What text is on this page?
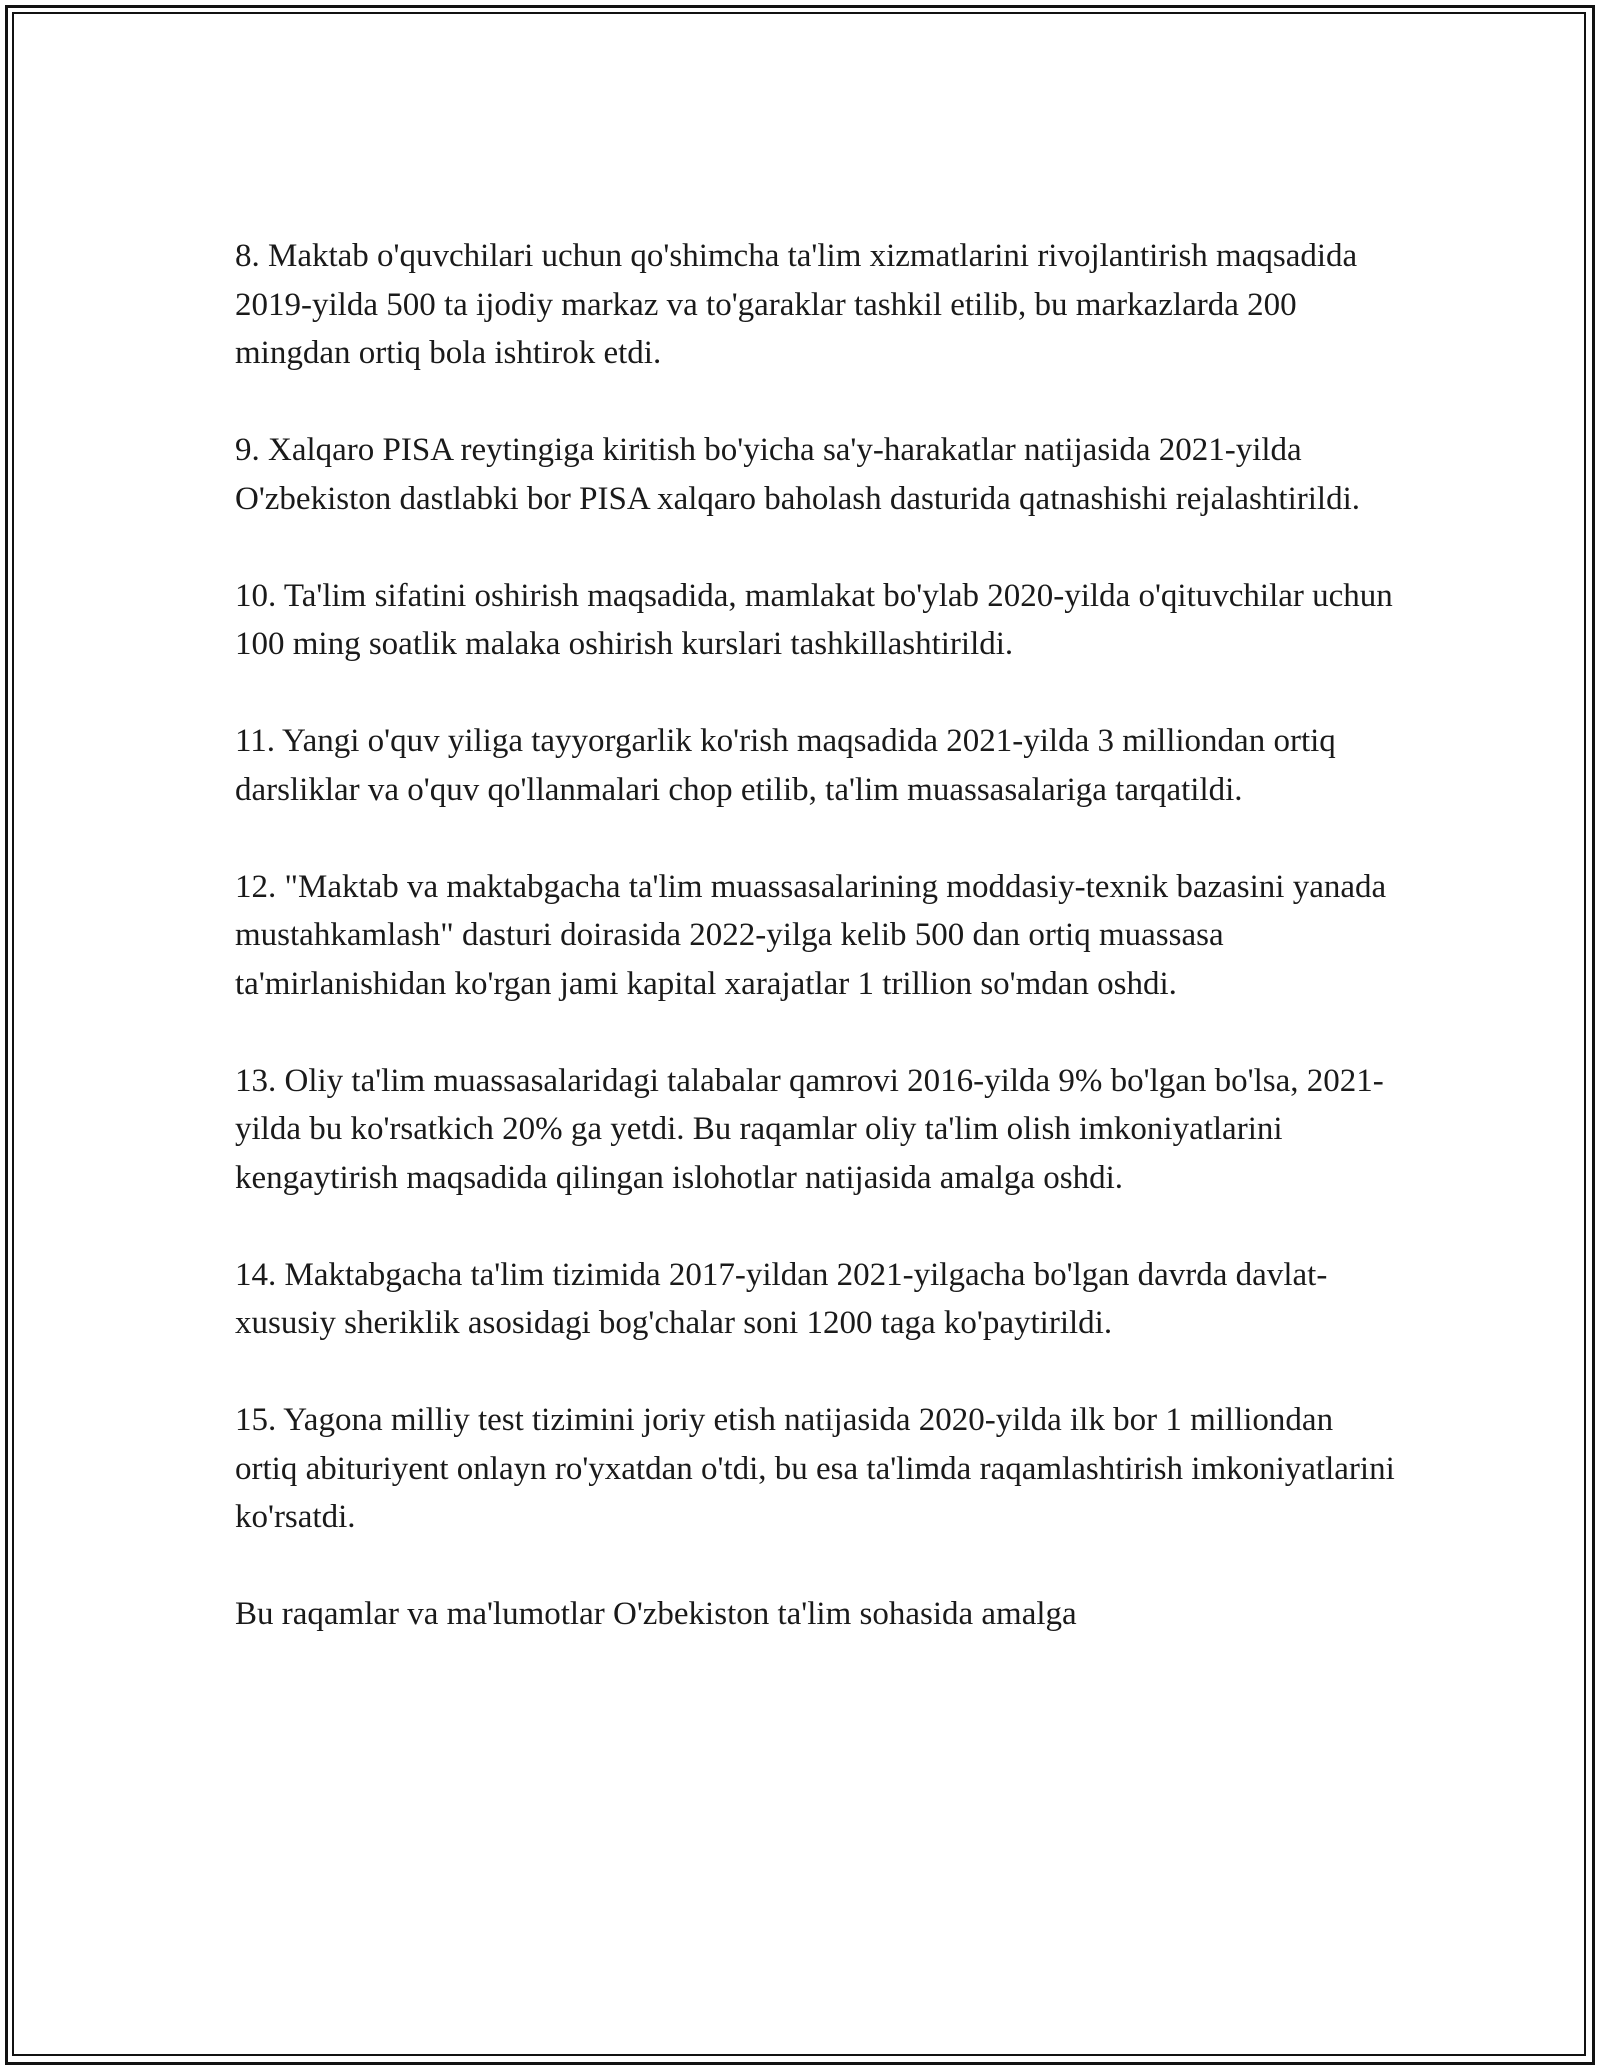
8. Maktab o'quvchilari uchun qo'shimcha ta'lim xizmatlarini rivojlantirish maqsadida 2019-yilda 500 ta ijodiy markaz va to'garaklar tashkil etilib, bu markazlarda 200 mingdan ortiq bola ishtirok etdi.

9. Xalqaro PISA reytingiga kiritish bo'yicha sa'y-harakatlar natijasida 2021-yilda O'zbekiston dastlabki bor PISA xalqaro baholash dasturida qatnashishi rejalashtirildi.

10. Ta'lim sifatini oshirish maqsadida, mamlakat bo'ylab 2020-yilda o'qituvchilar uchun 100 ming soatlik malaka oshirish kurslari tashkillashtirildi.

11. Yangi o'quv yiliga tayyorgarlik ko'rish maqsadida 2021-yilda 3 milliondan ortiq darsliklar va o'quv qo'llanmalari chop etilib, ta'lim muassasalariga tarqatildi.

12. "Maktab va maktabgacha ta'lim muassasalarining moddasiy-texnik bazasini yanada mustahkamlash" dasturi doirasida 2022-yilga kelib 500 dan ortiq muassasa ta'mirlanishidan ko'rgan jami kapital xarajatlar 1 trillion so'mdan oshdi.

13. Oliy ta'lim muassasalaridagi talabalar qamrovi 2016-yilda 9% bo'lgan bo'lsa, 2021-yilda bu ko'rsatkich 20% ga yetdi. Bu raqamlar oliy ta'lim olish imkoniyatlarini kengaytirish maqsadida qilingan islohotlar natijasida amalga oshdi.

14. Maktabgacha ta'lim tizimida 2017-yildan 2021-yilgacha bo'lgan davrda davlat-xususiy sheriklik asosidagi bog'chalar soni 1200 taga ko'paytirildi.

15. Yagona milliy test tizimini joriy etish natijasida 2020-yilda ilk bor 1 milliondan ortiq abituriyent onlayn ro'yxatdan o'tdi, bu esa ta'limda raqamlashtirish imkoniyatlarini ko'rsatdi.

Bu raqamlar va ma'lumotlar O'zbekiston ta'lim sohasida amalga
